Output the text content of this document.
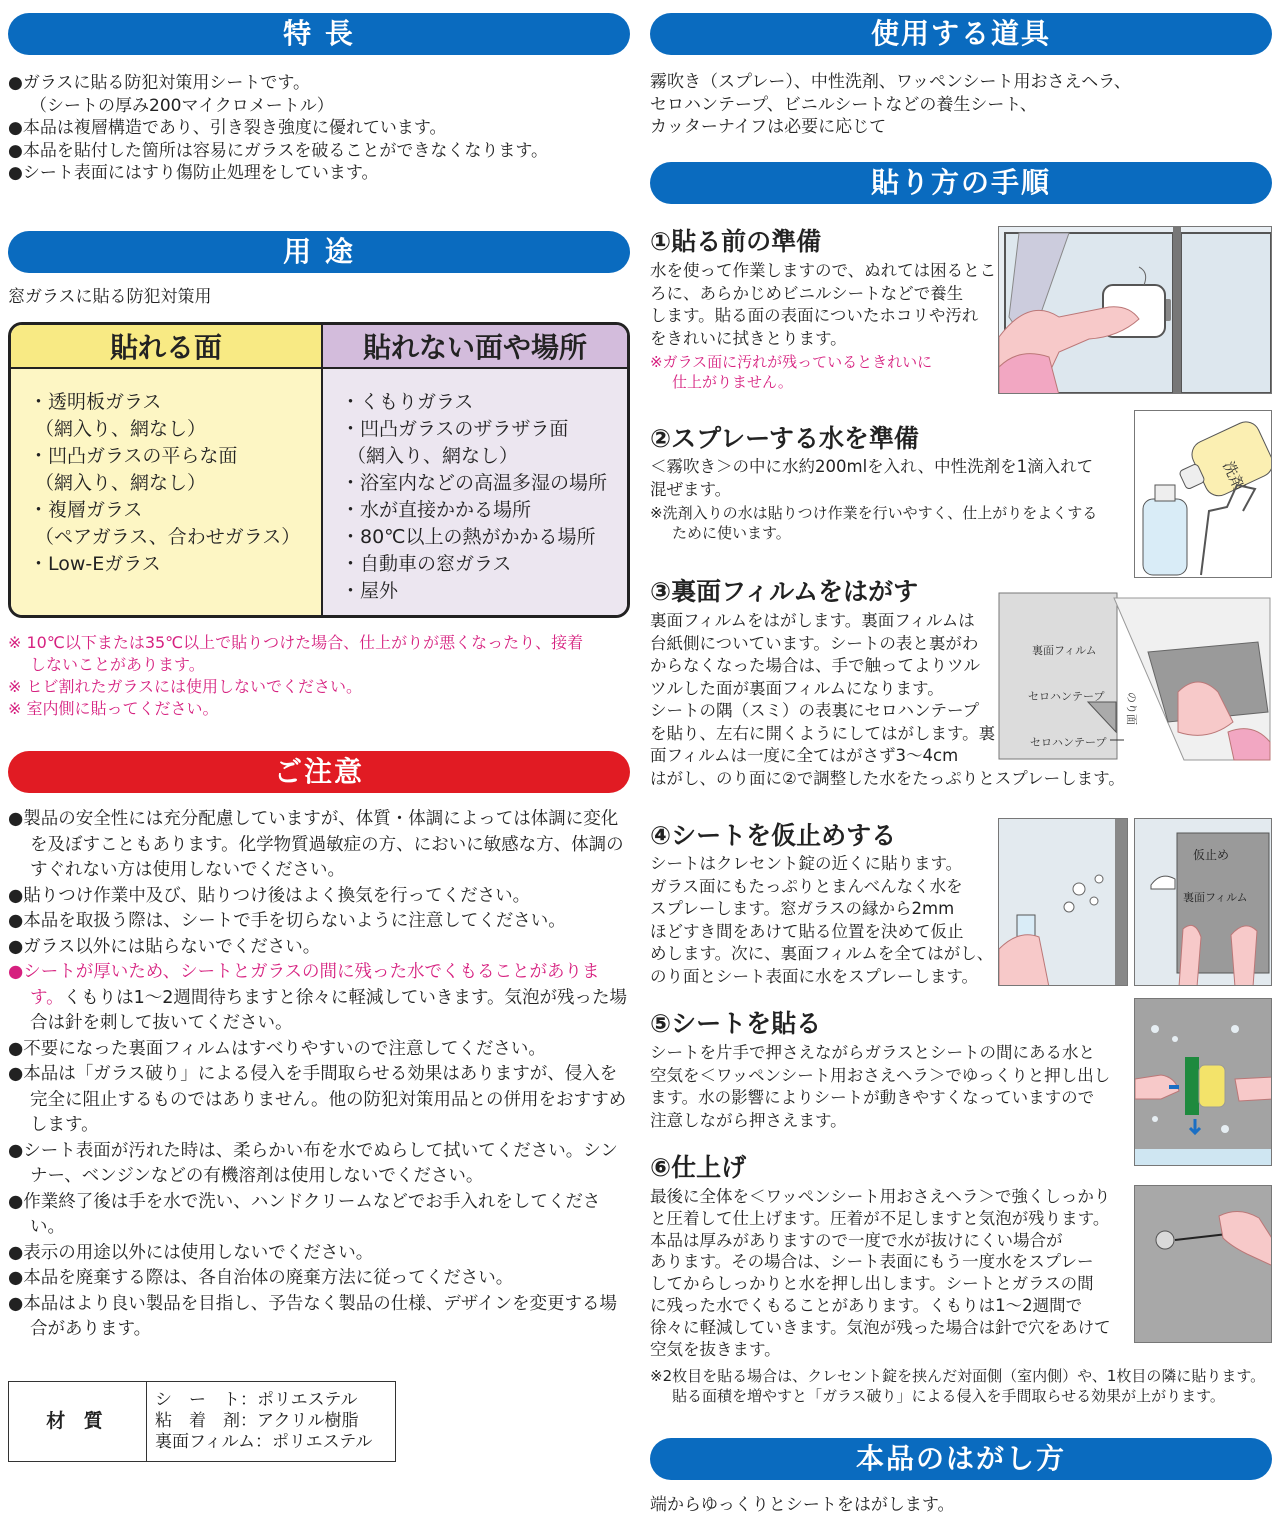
特 長

●ガラスに貼る防犯対策用シートです。

（シートの厚み200マイクロメートル）

●本品は複層構造であり、引き裂き強度に優れています。

●本品を貼付した箇所は容易にガラスを破ることができなくなります。

●シート表面にはすり傷防止処理をしています。

用 途
窓ガラスに貼る防犯対策用
貼れる面
・透明板ガラス
（網入り、網なし）
・凹凸ガラスの平らな面
（網入り、網なし）
・複層ガラス
（ペアガラス、合わせガラス）
・Low-Eガラス
貼れない面や場所
・くもりガラス
・凹凸ガラスのザラザラ面
（網入り、網なし）
・浴室内などの高温多湿の場所
・水が直接かかる場所
・80℃以上の熱がかかる場所
・自動車の窓ガラス
・屋外

※ 10℃以下または35℃以上で貼りつけた場合、仕上がりが悪くなったり、接着

しないことがあります。

※ ヒビ割れたガラスには使用しないでください。

※ 室内側に貼ってください。

ご注意

●製品の安全性には充分配慮していますが、体質・体調によっては体調に変化を及ぼすこともあります。化学物質過敏症の方、においに敏感な方、体調のすぐれない方は使用しないでください。

●貼りつけ作業中及び、貼りつけ後はよく換気を行ってください。

●本品を取扱う際は、シートで手を切らないように注意してください。

●ガラス以外には貼らないでください。

●シートが厚いため、シートとガラスの間に残った水でくもることがあります。くもりは1～2週間待ちますと徐々に軽減していきます。気泡が残った場合は針を刺して抜いてください。

●不要になった裏面フィルムはすべりやすいので注意してください。

●本品は「ガラス破り」による侵入を手間取らせる効果はありますが、侵入を完全に阻止するものではありません。他の防犯対策用品との併用をおすすめします。

●シート表面が汚れた時は、柔らかい布を水でぬらして拭いてください。シンナー、ベンジンなどの有機溶剤は使用しないでください。

●作業終了後は手を水で洗い、ハンドクリームなどでお手入れをしてください。

●表示の用途以外には使用しないでください。

●本品を廃棄する際は、各自治体の廃棄方法に従ってください。

●本品はより良い製品を目指し、予告なく製品の仕様、デザインを変更する場合があります。

材 質
シ　ー　ト：ポリエステル
粘　着　剤：アクリル樹脂
裏面フィルム：ポリエステル
使用する道具

霧吹き（スプレー）、中性洗剤、ワッペンシート用おさえヘラ、

セロハンテープ、ビニルシートなどの養生シート、

カッターナイフは必要に応じて

貼り方の手順
①貼る前の準備

水を使って作業しますので、ぬれては困るとこ

ろに、あらかじめビニルシートなどで養生

します。貼る面の表面についたホコリや汚れ

をきれいに拭きとります。

※ガラス面に汚れが残っているときれいに

仕上がりません。

②スプレーする水を準備

＜霧吹き＞の中に水約200mlを入れ、中性洗剤を1滴入れて

混ぜます。

※洗剤入りの水は貼りつけ作業を行いやすく、仕上がりをよくする

ために使います。

洗剤
③裏面フィルムをはがす

裏面フィルムをはがします。裏面フィルムは

台紙側についています。シートの表と裏がわ

からなくなった場合は、手で触ってよりツル

ツルした面が裏面フィルムになります。

シートの隅（スミ）の表裏にセロハンテープ

を貼り、左右に開くようにしてはがします。裏

面フィルムは一度に全てはがさず3～4cm

はがし、のり面に②で調整した水をたっぷりとスプレーします。

裏面フィルム
セロハンテープ のり面
セロハンテープ
④シートを仮止めする

シートはクレセント錠の近くに貼ります。

ガラス面にもたっぷりとまんべんなく水を

スプレーします。窓ガラスの縁から2mm

ほどすき間をあけて貼る位置を決めて仮止

めします。次に、裏面フィルムを全てはがし、

のり面とシート表面に水をスプレーします。

仮止め
裏面フィルム
⑤シートを貼る

シートを片手で押さえながらガラスとシートの間にある水と

空気を＜ワッペンシート用おさえヘラ＞でゆっくりと押し出し

ます。水の影響によりシートが動きやすくなっていますので

注意しながら押さえます。

⑥仕上げ

最後に全体を＜ワッペンシート用おさえヘラ＞で強くしっかり

と圧着して仕上げます。圧着が不足しますと気泡が残ります。

本品は厚みがありますので一度で水が抜けにくい場合が

あります。その場合は、シート表面にもう一度水をスプレー

してからしっかりと水を押し出します。シートとガラスの間

に残った水でくもることがあります。くもりは1～2週間で

徐々に軽減していきます。気泡が残った場合は針で穴をあけて

空気を抜きます。

※2枚目を貼る場合は、クレセント錠を挟んだ対面側（室内側）や、1枚目の隣に貼ります。

貼る面積を増やすと「ガラス破り」による侵入を手間取らせる効果が上がります。

本品のはがし方
端からゆっくりとシートをはがします。
